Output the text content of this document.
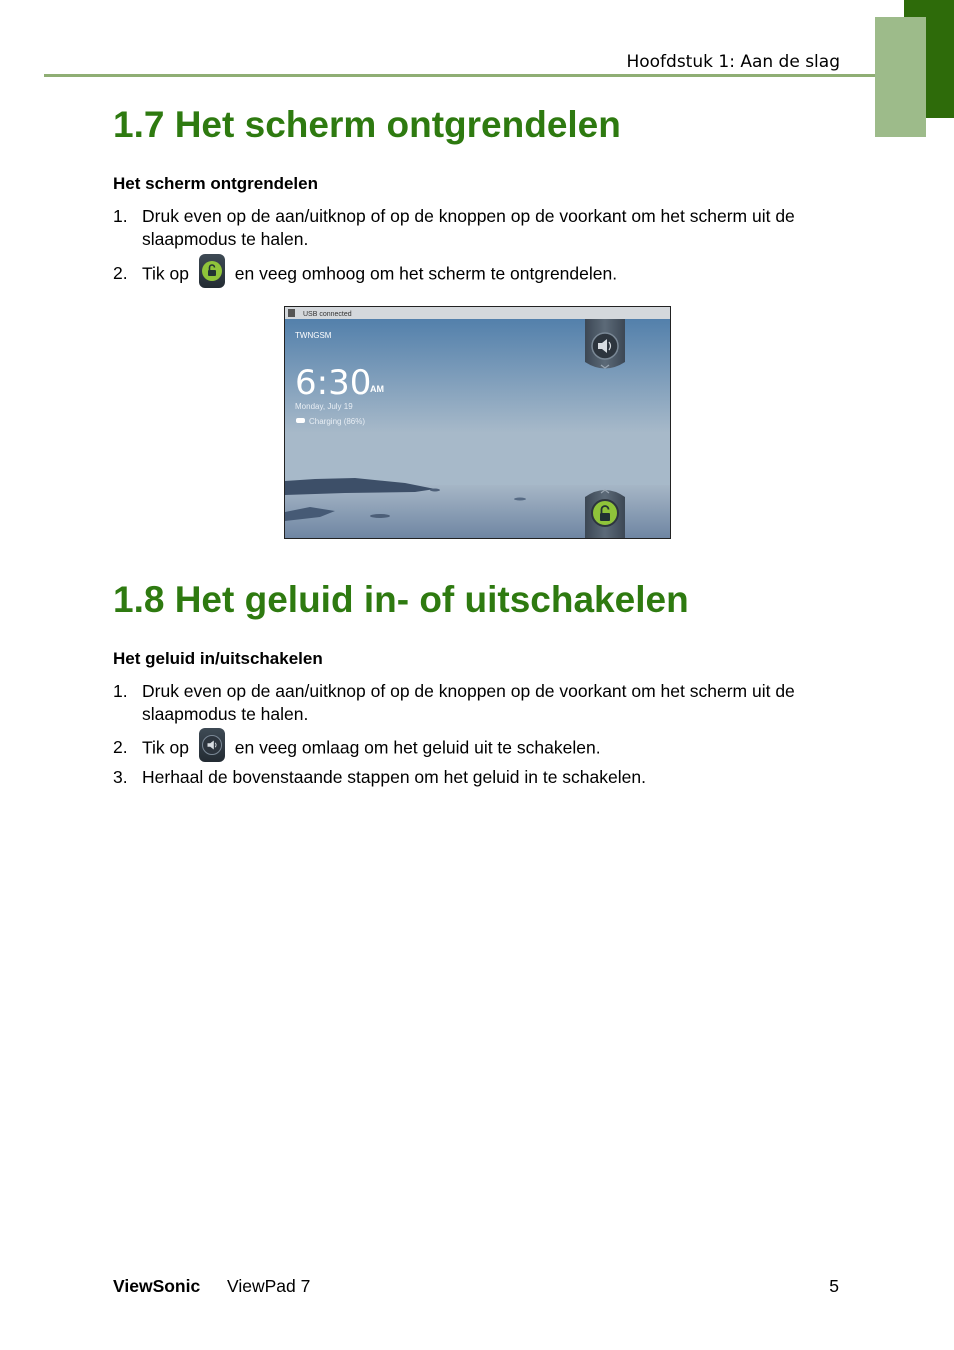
Hoofdstuk 1: Aan de slag
1.7 Het scherm ontgrendelen
Het scherm ontgrendelen
1. Druk even op de aan/uitknop of op de knoppen op de voorkant om het scherm uit de slaapmodus te halen.
2. Tik op	en veeg omhoog om het scherm te ontgrendelen.
USB connected
TWNGSM
6:30
AM
Monday, July 19
Charging (86%)
1.8 Het geluid in- of uitschakelen
Het geluid in/uitschakelen
1. Druk even op de aan/uitknop of op de knoppen op de voorkant om het scherm uit de slaapmodus te halen.
2. Tik op	en veeg omlaag om het geluid uit te schakelen.
3. Herhaal de bovenstaande stappen om het geluid in te schakelen.
ViewSonic ViewPad 7	5
